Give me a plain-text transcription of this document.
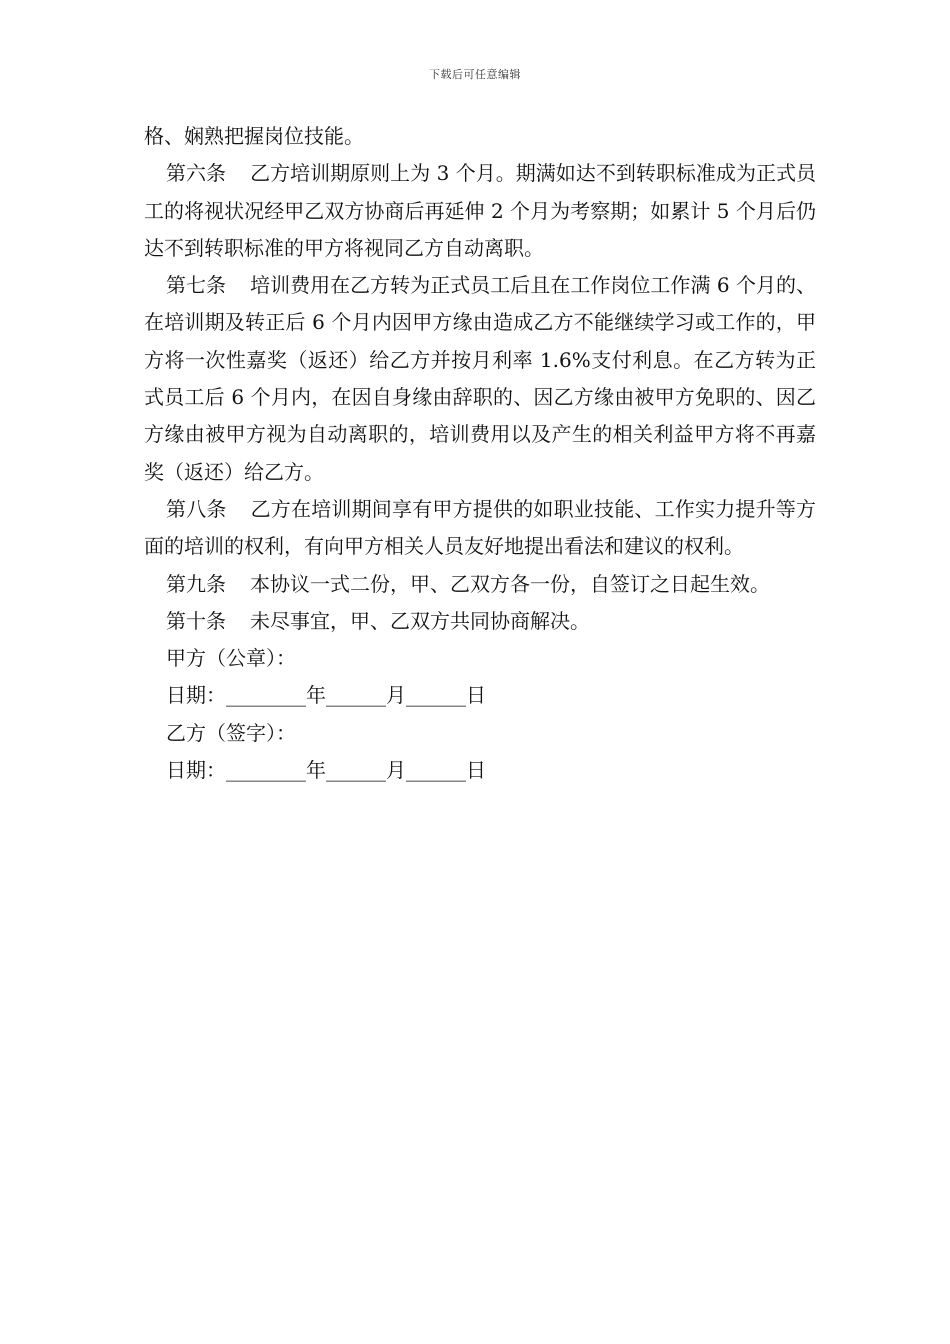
下载后可任意编辑

格、娴熟把握岗位技能。

第六条 乙方培训期原则上为 3 个月。期满如达不到转职标准成为正式员工的将视状况经甲乙双方协商后再延伸 2 个月为考察期；如累计 5 个月后仍达不到转职标准的甲方将视同乙方自动离职。

第七条 培训费用在乙方转为正式员工后且在工作岗位工作满 6 个月的、在培训期及转正后 6 个月内因甲方缘由造成乙方不能继续学习或工作的，甲方将一次性嘉奖（返还）给乙方并按月利率 1.6%支付利息。在乙方转为正式员工后 6 个月内，在因自身缘由辞职的、因乙方缘由被甲方免职的、因乙方缘由被甲方视为自动离职的，培训费用以及产生的相关利益甲方将不再嘉奖（返还）给乙方。

第八条 乙方在培训期间享有甲方提供的如职业技能、工作实力提升等方面的培训的权利，有向甲方相关人员友好地提出看法和建议的权利。

第九条 本协议一式二份，甲、乙双方各一份，自签订之日起生效。

第十条 未尽事宜，甲、乙双方共同协商解决。

甲方（公章）：

日期：________年______月______日

乙方（签字）：

日期：________年______月______日
